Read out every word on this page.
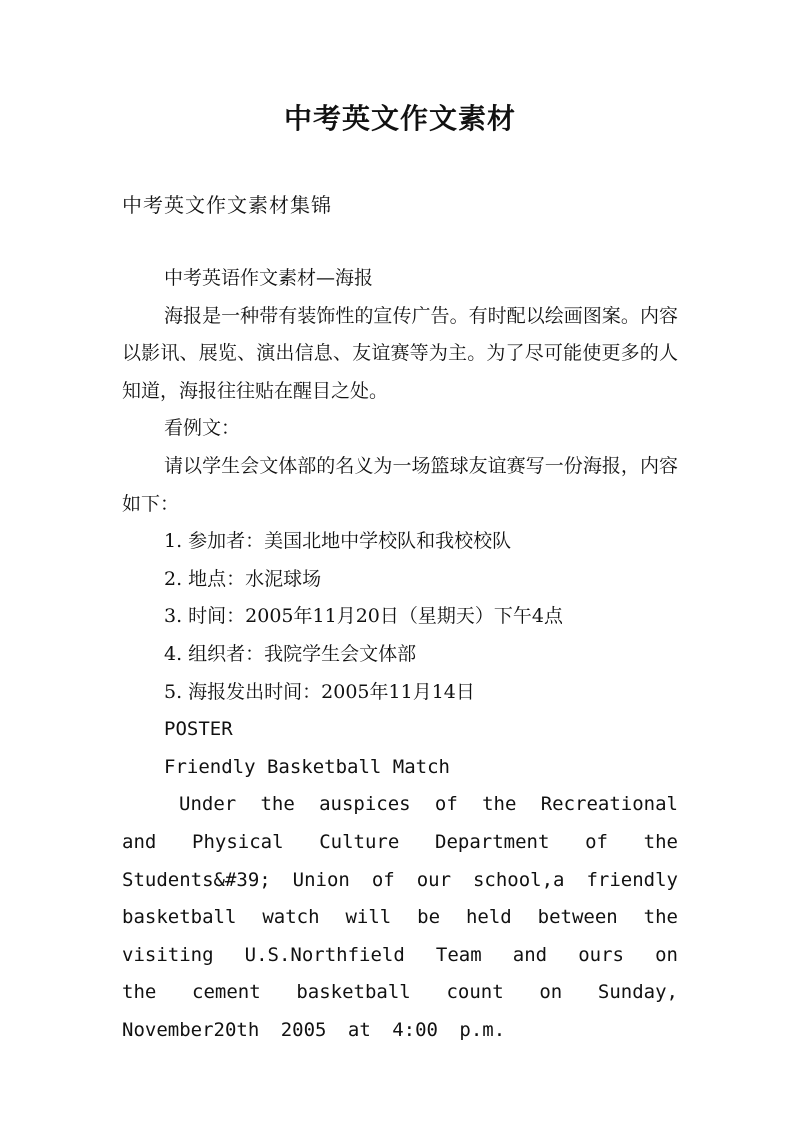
中考英文作文素材
中考英文作文素材集锦
中考英语作文素材—海报
海报是一种带有装饰性的宣传广告。有时配以绘画图案。内容以影讯、展览、演出信息、友谊赛等为主。为了尽可能使更多的人知道，海报往往贴在醒目之处。
看例文：
请以学生会文体部的名义为一场篮球友谊赛写一份海报，内容如下：
1. 参加者：美国北地中学校队和我校校队
2. 地点：水泥球场
3. 时间：2005年11月20日（星期天）下午4点
4. 组织者：我院学生会文体部
5. 海报发出时间：2005年11月14日
POSTER
Friendly Basketball Match
Under the auspices of the Recreational and Physical Culture Department of the Students&#39; Union of our school,a friendly basketball watch will be held between the visiting U.S.Northfield Team and ours on the cement basketball count on Sunday, November20th 2005 at 4:00 p.m.
